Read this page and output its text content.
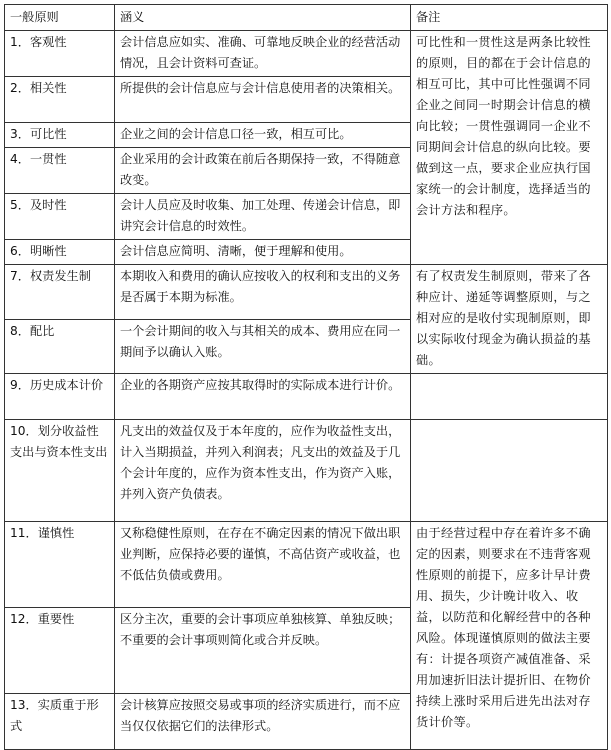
一般原则	涵义	备注
1．客观性	会计信息应如实、准确、可靠地反映企业的经营活动情况，且会计资料可查证。	可比性和一贯性这是两条比较性的原则，目的都在于会计信息的相互可比，其中可比性强调不同企业之间同一时期会计信息的横向比较；一贯性强调同一企业不同期间会计信息的纵向比较。要做到这一点，要求企业应执行国家统一的会计制度，选择适当的会计方法和程序。
2．相关性	所提供的会计信息应与会计信息使用者的决策相关。	
3．可比性	企业之间的会计信息口径一致，相互可比。	
4．一贯性	企业采用的会计政策在前后各期保持一致，不得随意改变。	
5．及时性	会计人员应及时收集、加工处理、传递会计信息，即讲究会计信息的时效性。	
6．明晰性	会计信息应简明、清晰，便于理解和使用。	
7．权责发生制	本期收入和费用的确认应按收入的权利和支出的义务是否属于本期为标准。	有了权责发生制原则，带来了各种应计、递延等调整原则，与之相对应的是收付实现制原则，即以实际收付现金为确认损益的基础。
8．配比	一个会计期间的收入与其相关的成本、费用应在同一期间予以确认入账。	
9．历史成本计价	企业的各期资产应按其取得时的实际成本进行计价。	
10．划分收益性支出与资本性支出	凡支出的效益仅及于本年度的，应作为收益性支出，计入当期损益，并列入利润表；凡支出的效益及于几个会计年度的，应作为资本性支出，作为资产入账，并列入资产负债表。	
11．谨慎性	又称稳健性原则，在存在不确定因素的情况下做出职业判断，应保持必要的谨慎，不高估资产或收益，也不低估负债或费用。	由于经营过程中存在着许多不确定的因素，则要求在不违背客观性原则的前提下，应多计早计费用、损失，少计晚计收入、收益，以防范和化解经营中的各种风险。体现谨慎原则的做法主要有：计提各项资产减值准备、采用加速折旧法计提折旧、在物价持续上涨时采用后进先出法对存货计价等。
12．重要性	区分主次，重要的会计事项应单独核算、单独反映；不重要的会计事项则简化或合并反映。	
13．实质重于形式	会计核算应按照交易或事项的经济实质进行，而不应当仅仅依据它们的法律形式。	
